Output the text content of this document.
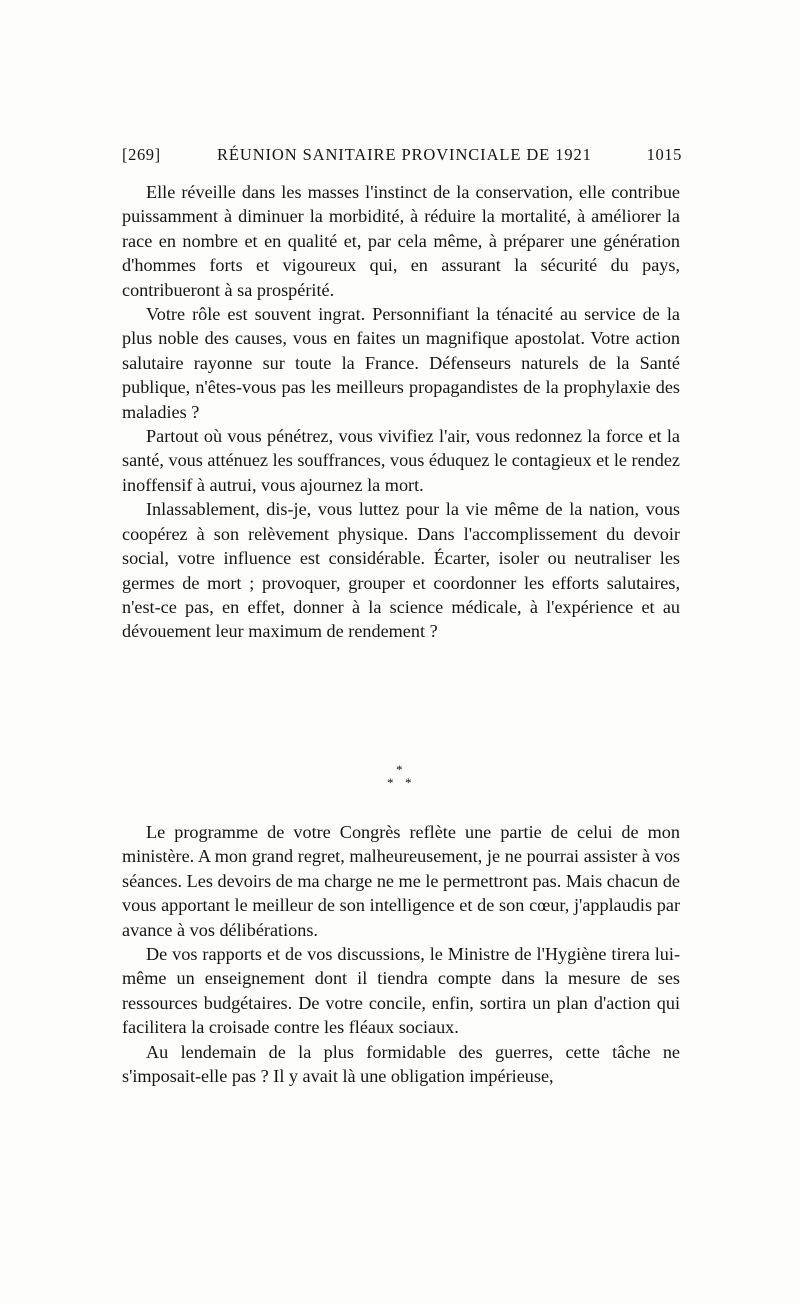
[269]	RÉUNION SANITAIRE PROVINCIALE DE 1921	1015

Elle réveille dans les masses l'instinct de la conservation, elle contribue puissamment à diminuer la morbidité, à réduire la mortalité, à améliorer la race en nombre et en qualité et, par cela même, à préparer une génération d'hommes forts et vigoureux qui, en assurant la sécurité du pays, contribueront à sa prospérité.

Votre rôle est souvent ingrat. Personnifiant la ténacité au service de la plus noble des causes, vous en faites un magnifique apostolat. Votre action salutaire rayonne sur toute la France. Défenseurs naturels de la Santé publique, n'êtes-vous pas les meilleurs propagandistes de la prophylaxie des maladies ?

Partout où vous pénétrez, vous vivifiez l'air, vous redonnez la force et la santé, vous atténuez les souffrances, vous éduquez le contagieux et le rendez inoffensif à autrui, vous ajournez la mort.

Inlassablement, dis-je, vous luttez pour la vie même de la nation, vous coopérez à son relèvement physique. Dans l'accomplissement du devoir social, votre influence est considérable. Écarter, isoler ou neutraliser les germes de mort ; provoquer, grouper et coordonner les efforts salutaires, n'est-ce pas, en effet, donner à la science médicale, à l'expérience et au dévouement leur maximum de rendement ?

*
* *

Le programme de votre Congrès reflète une partie de celui de mon ministère. A mon grand regret, malheureusement, je ne pourrai assister à vos séances. Les devoirs de ma charge ne me le permettront pas. Mais chacun de vous apportant le meilleur de son intelligence et de son cœur, j'applaudis par avance à vos délibérations.

De vos rapports et de vos discussions, le Ministre de l'Hygiène tirera lui-même un enseignement dont il tiendra compte dans la mesure de ses ressources budgétaires. De votre concile, enfin, sortira un plan d'action qui facilitera la croisade contre les fléaux sociaux.

Au lendemain de la plus formidable des guerres, cette tâche ne s'imposait-elle pas ? Il y avait là une obligation impérieuse,
